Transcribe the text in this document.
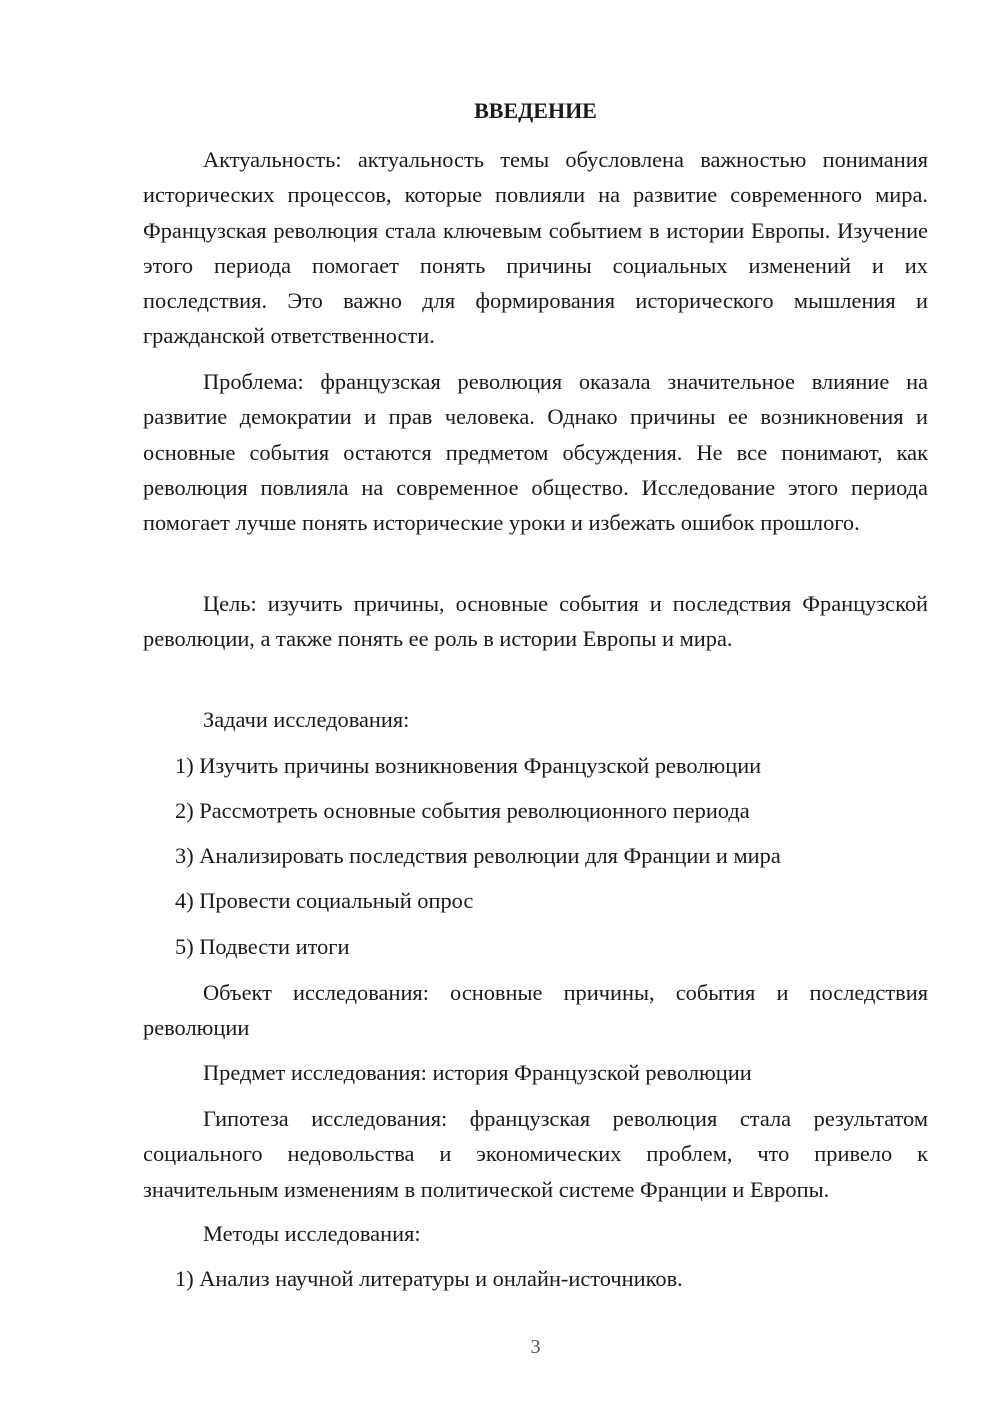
ВВЕДЕНИЕ

Актуальность: актуальность темы обусловлена важностью понимания исторических процессов, которые повлияли на развитие современного мира. Французская революция стала ключевым событием в истории Европы. Изучение этого периода помогает понять причины социальных изменений и их последствия. Это важно для формирования исторического мышления и гражданской ответственности.

Проблема: французская революция оказала значительное влияние на развитие демократии и прав человека. Однако причины ее возникновения и основные события остаются предметом обсуждения. Не все понимают, как революция повлияла на современное общество. Исследование этого периода помогает лучше понять исторические уроки и избежать ошибок прошлого.

Цель: изучить причины, основные события и последствия Французской революции, а также понять ее роль в истории Европы и мира.

Задачи исследования:

1) Изучить причины возникновения Французской революции

2) Рассмотреть основные события революционного периода

3) Анализировать последствия революции для Франции и мира

4) Провести социальный опрос

5) Подвести итоги

Объект исследования: основные причины, события и последствия революции

Предмет исследования: история Французской революции

Гипотеза исследования: французская революция стала результатом социального недовольства и экономических проблем, что привело к значительным изменениям в политической системе Франции и Европы.

Методы исследования:

1) Анализ научной литературы и онлайн-источников.

3
